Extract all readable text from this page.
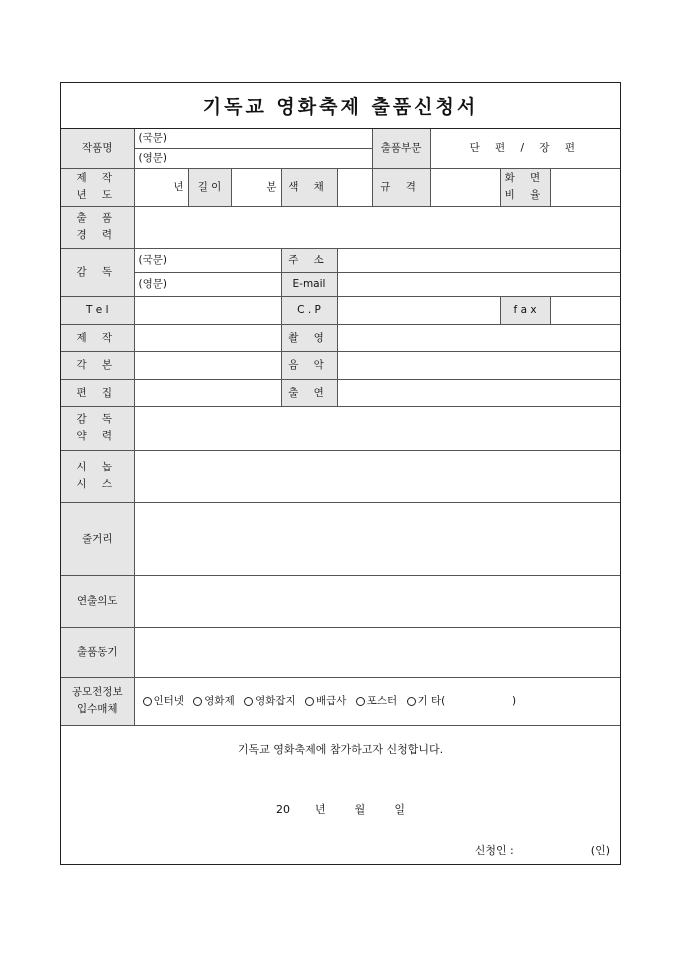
기독교 영화축제 출품신청서
작품명	(국문)					출품부문	단 편 / 장 편		
	(영문)								

제 작
년 도	년	길 이	분	색 채		규 격		화 면
비 율	

출 품
경 력									

감 독	(국문)			주 소					
	(영문)			E-mail					
T e l				C . P				f a x	
제 작				촬 영					
각 본				음 악					
편 집				출 연					

감 독
약 력									

시 놉
시 스									

줄거리									
연출의도									
출품동기									

공모전정보
입수매체	인터넷 영화제 영화잡지 배급사 포스터 기 타( )								
기독교 영화축제에 참가하고자 신청합니다.
20 년	월	일
신청인 :	(인)
